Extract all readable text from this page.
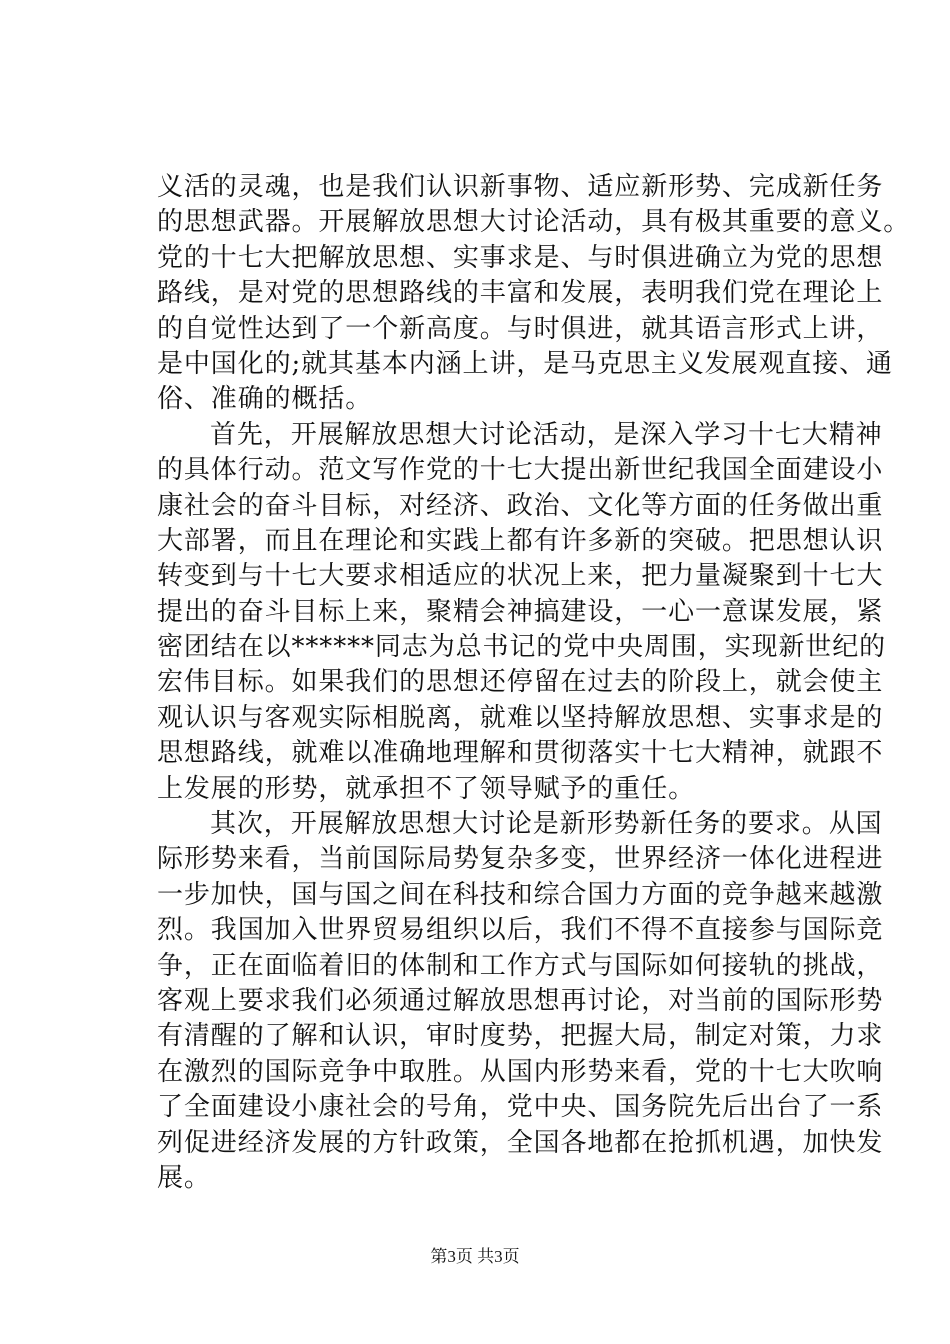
义活的灵魂，也是我们认识新事物、适应新形势、完成新任务
的思想武器。开展解放思想大讨论活动，具有极其重要的意义。
党的十七大把解放思想、实事求是、与时俱进确立为党的思想
路线，是对党的思想路线的丰富和发展，表明我们党在理论上
的自觉性达到了一个新高度。与时俱进，就其语言形式上讲，
是中国化的;就其基本内涵上讲，是马克思主义发展观直接、通
俗、准确的概括。
首先，开展解放思想大讨论活动，是深入学习十七大精神
的具体行动。范文写作党的十七大提出新世纪我国全面建设小
康社会的奋斗目标，对经济、政治、文化等方面的任务做出重
大部署，而且在理论和实践上都有许多新的突破。把思想认识
转变到与十七大要求相适应的状况上来，把力量凝聚到十七大
提出的奋斗目标上来，聚精会神搞建设，一心一意谋发展，紧
密团结在以******同志为总书记的党中央周围，实现新世纪的
宏伟目标。如果我们的思想还停留在过去的阶段上，就会使主
观认识与客观实际相脱离，就难以坚持解放思想、实事求是的
思想路线，就难以准确地理解和贯彻落实十七大精神，就跟不
上发展的形势，就承担不了领导赋予的重任。
其次，开展解放思想大讨论是新形势新任务的要求。从国
际形势来看，当前国际局势复杂多变，世界经济一体化进程进
一步加快，国与国之间在科技和综合国力方面的竞争越来越激
烈。我国加入世界贸易组织以后，我们不得不直接参与国际竞
争，正在面临着旧的体制和工作方式与国际如何接轨的挑战，
客观上要求我们必须通过解放思想再讨论，对当前的国际形势
有清醒的了解和认识，审时度势，把握大局，制定对策，力求
在激烈的国际竞争中取胜。从国内形势来看，党的十七大吹响
了全面建设小康社会的号角，党中央、国务院先后出台了一系
列促进经济发展的方针政策，全国各地都在抢抓机遇，加快发
展。
第3页 共3页
